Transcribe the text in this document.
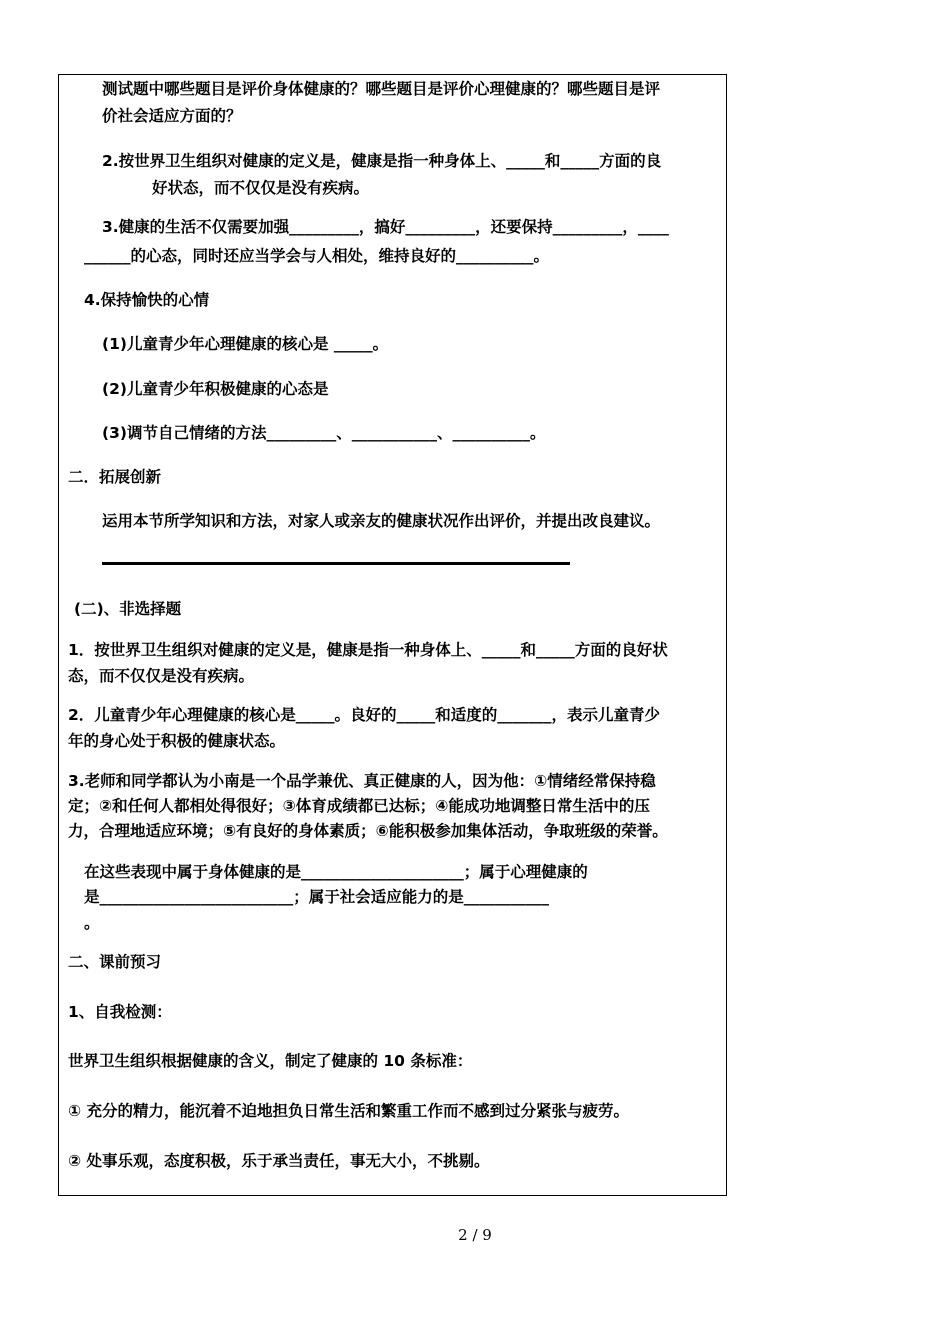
测试题中哪些题目是评价身体健康的？哪些题目是评价心理健康的？哪些题目是评
价社会适应方面的？
2.按世界卫生组织对健康的定义是，健康是指一种身体上、_____和_____方面的良
好状态，而不仅仅是没有疾病。
3.健康的生活不仅需要加强_________，搞好_________，还要保持_________，____
______的心态，同时还应当学会与人相处，维持良好的__________。
4.保持愉快的心情
(1)儿童青少年心理健康的核心是 _____。
(2)儿童青少年积极健康的心态是
(3)调节自己情绪的方法_________、___________、__________。
二．拓展创新
运用本节所学知识和方法，对家人或亲友的健康状况作出评价，并提出改良建议。
(二)、非选择题
1．按世界卫生组织对健康的定义是，健康是指一种身体上、_____和_____方面的良好状
态，而不仅仅是没有疾病。
2．儿童青少年心理健康的核心是_____。良好的_____和适度的_______，表示儿童青少
年的身心处于积极的健康状态。
3.老师和同学都认为小南是一个品学兼优、真正健康的人，因为他：①情绪经常保持稳
定；②和任何人都相处得很好；③体育成绩都已达标；④能成功地调整日常生活中的压
力，合理地适应环境；⑤有良好的身体素质；⑥能积极参加集体活动，争取班级的荣誉。
在这些表现中属于身体健康的是_____________________；属于心理健康的
是_________________________；属于社会适应能力的是___________
。
二、课前预习
1、自我检测：
世界卫生组织根据健康的含义，制定了健康的 10 条标准：
① 充分的精力，能沉着不迫地担负日常生活和繁重工作而不感到过分紧张与疲劳。
② 处事乐观，态度积极，乐于承当责任，事无大小，不挑剔。
2 / 9
